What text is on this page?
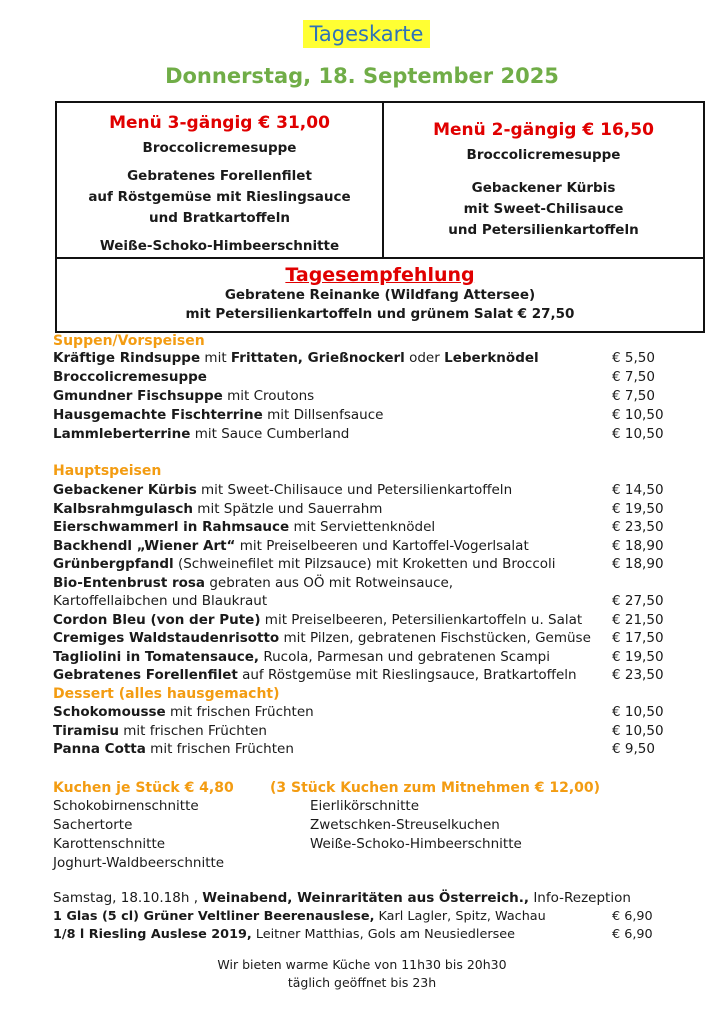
Tageskarte
Donnerstag, 18. September 2025
Menü 3-gängig € 31,00

Broccolicremesuppe

Gebratenes Forellenfilet

auf Röstgemüse mit Rieslingsauce

und Bratkartoffeln

Weiße-Schoko-Himbeerschnitte

Menü 2-gängig € 16,50

Broccolicremesuppe

Gebackener Kürbis

mit Sweet-Chilisauce

und Petersilienkartoffeln

Tagesempfehlung

Gebratene Reinanke (Wildfang Attersee)

mit Petersilienkartoffeln und grünem Salat € 27,50

Suppen/Vorspeisen
Kräftige Rindsuppe mit Frittaten, Grießnockerl oder Leberknödel	€ 5,50
Broccolicremesuppe	€ 7,50
Gmundner Fischsuppe mit Croutons	€ 7,50
Hausgemachte Fischterrine mit Dillsenfsauce	€ 10,50
Lammleberterrine mit Sauce Cumberland	€ 10,50
Hauptspeisen
Gebackener Kürbis mit Sweet-Chilisauce und Petersilienkartoffeln	€ 14,50
Kalbsrahmgulasch mit Spätzle und Sauerrahm	€ 19,50
Eierschwammerl in Rahmsauce mit Serviettenknödel	€ 23,50
Backhendl „Wiener Art“ mit Preiselbeeren und Kartoffel-Vogerlsalat	€ 18,90
Grünbergpfandl (Schweinefilet mit Pilzsauce) mit Kroketten und Broccoli	€ 18,90
Bio-Entenbrust rosa gebraten aus OÖ mit Rotweinsauce,
Kartoffellaibchen und Blaukraut	€ 27,50
Cordon Bleu (von der Pute) mit Preiselbeeren, Petersilienkartoffeln u. Salat	€ 21,50
Cremiges Waldstaudenrisotto mit Pilzen, gebratenen Fischstücken, Gemüse	€ 17,50
Tagliolini in Tomatensauce, Rucola, Parmesan und gebratenen Scampi	€ 19,50
Gebratenes Forellenfilet auf Röstgemüse mit Rieslingsauce, Bratkartoffeln	€ 23,50
Dessert (alles hausgemacht)
Schokomousse mit frischen Früchten	€ 10,50
Tiramisu mit frischen Früchten	€ 10,50
Panna Cotta mit frischen Früchten	€ 9,50
Kuchen je Stück € 4,80	(3 Stück Kuchen zum Mitnehmen € 12,00)
Schokobirnenschnitte
Sachertorte
Karottenschnitte
Joghurt-Waldbeerschnitte
Eierlikörschnitte
Zwetschken-Streuselkuchen
Weiße-Schoko-Himbeerschnitte
Samstag, 18.10.18h , Weinabend, Weinraritäten aus Österreich., Info-Rezeption
1 Glas (5 cl) Grüner Veltliner Beerenauslese, Karl Lagler, Spitz, Wachau	€ 6,90
1/8 l Riesling Auslese 2019, Leitner Matthias, Gols am Neusiedlersee	€ 6,90
Wir bieten warme Küche von 11h30 bis 20h30
täglich geöffnet bis 23h
